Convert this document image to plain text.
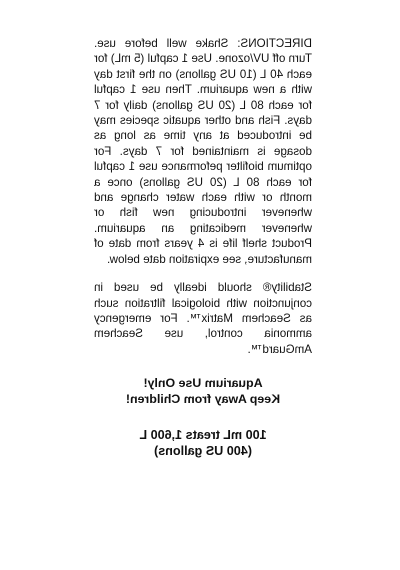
DIRECTIONS: Shake well before use. Turn off UV/ozone. Use 1 capful (5 mL) for each 40 L (10 US gallons) on the first day with a new aquarium. Then use 1 capful for each 80 L (20 US gallons) daily for 7 days. Fish and other aquatic species may be introduced at any time as long as dosage is maintained for 7 days. For optimum biofilter peformance use 1 capful for each 80 L (20 US gallons) once a month or with each water change and whenever introducing new fish or whenever medicating an aquarium. Product shelf life is 4 years from date of manufacture, see expiration date below.

Stability® should ideally be used in conjunction with biological filtration such as Seachem Matrix™. For emergency ammonia control, use Seachem AmGuard™.

Aquarium Use Only!
Keep Away from Children!
100 mL treats 1,600 L
(400 US gallons)
